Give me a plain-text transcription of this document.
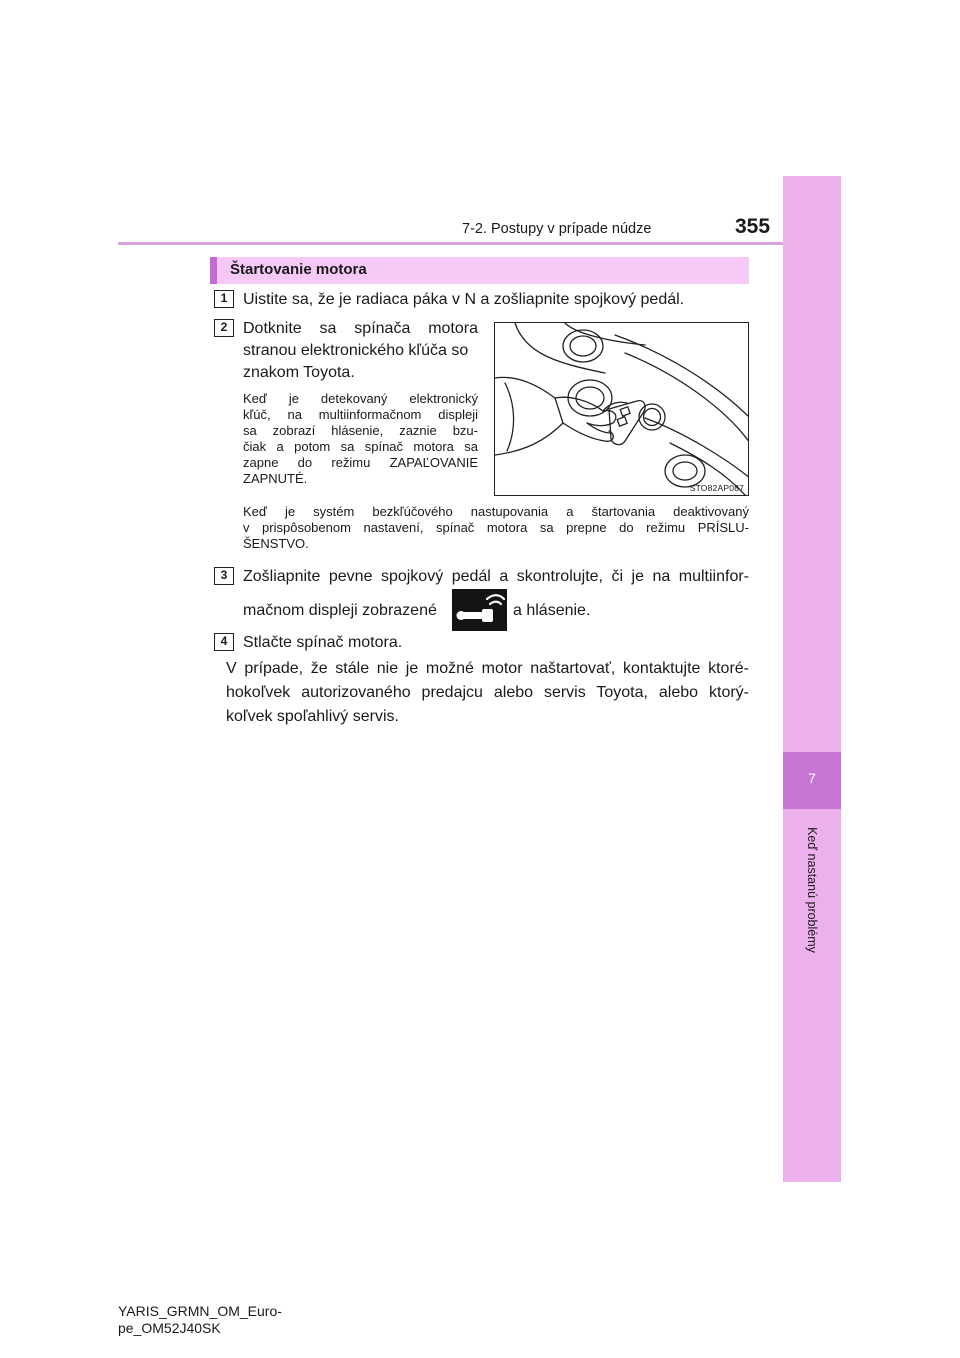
7
Keď nastanú problémy
7-2. Postupy v prípade núdze	355
Štartovanie motora
1 Uistite sa, že je radiaca páka v N a zošliapnite spojkový pedál.
2 Dotknite sa spínača motora
stranou elektronického kľúča so
znakom Toyota.
Keď je detekovaný elektronický
kľúč, na multiinformačnom displeji
sa zobrazí hlásenie, zaznie bzu-
čiak a potom sa spínač motora sa
zapne do režimu ZAPAĽOVANIE
ZAPNUTÉ.
Keď je systém bezkľúčového nastupovania a štartovania deaktivovaný
v prispôsobenom nastavení, spínač motora sa prepne do režimu PRÍSLU-
ŠENSTVO.
STO82AP087
3 Zošliapnite pevne spojkový pedál a skontrolujte, či je na multiinfor-
mačnom displeji zobrazené	a hlásenie.
4 Stlačte spínač motora.
V prípade, že stále nie je možné motor naštartovať, kontaktujte ktoré-
hokoľvek autorizovaného predajcu alebo servis Toyota, alebo ktorý-
koľvek spoľahlivý servis.
YARIS_GRMN_OM_Euro-
pe_OM52J40SK
